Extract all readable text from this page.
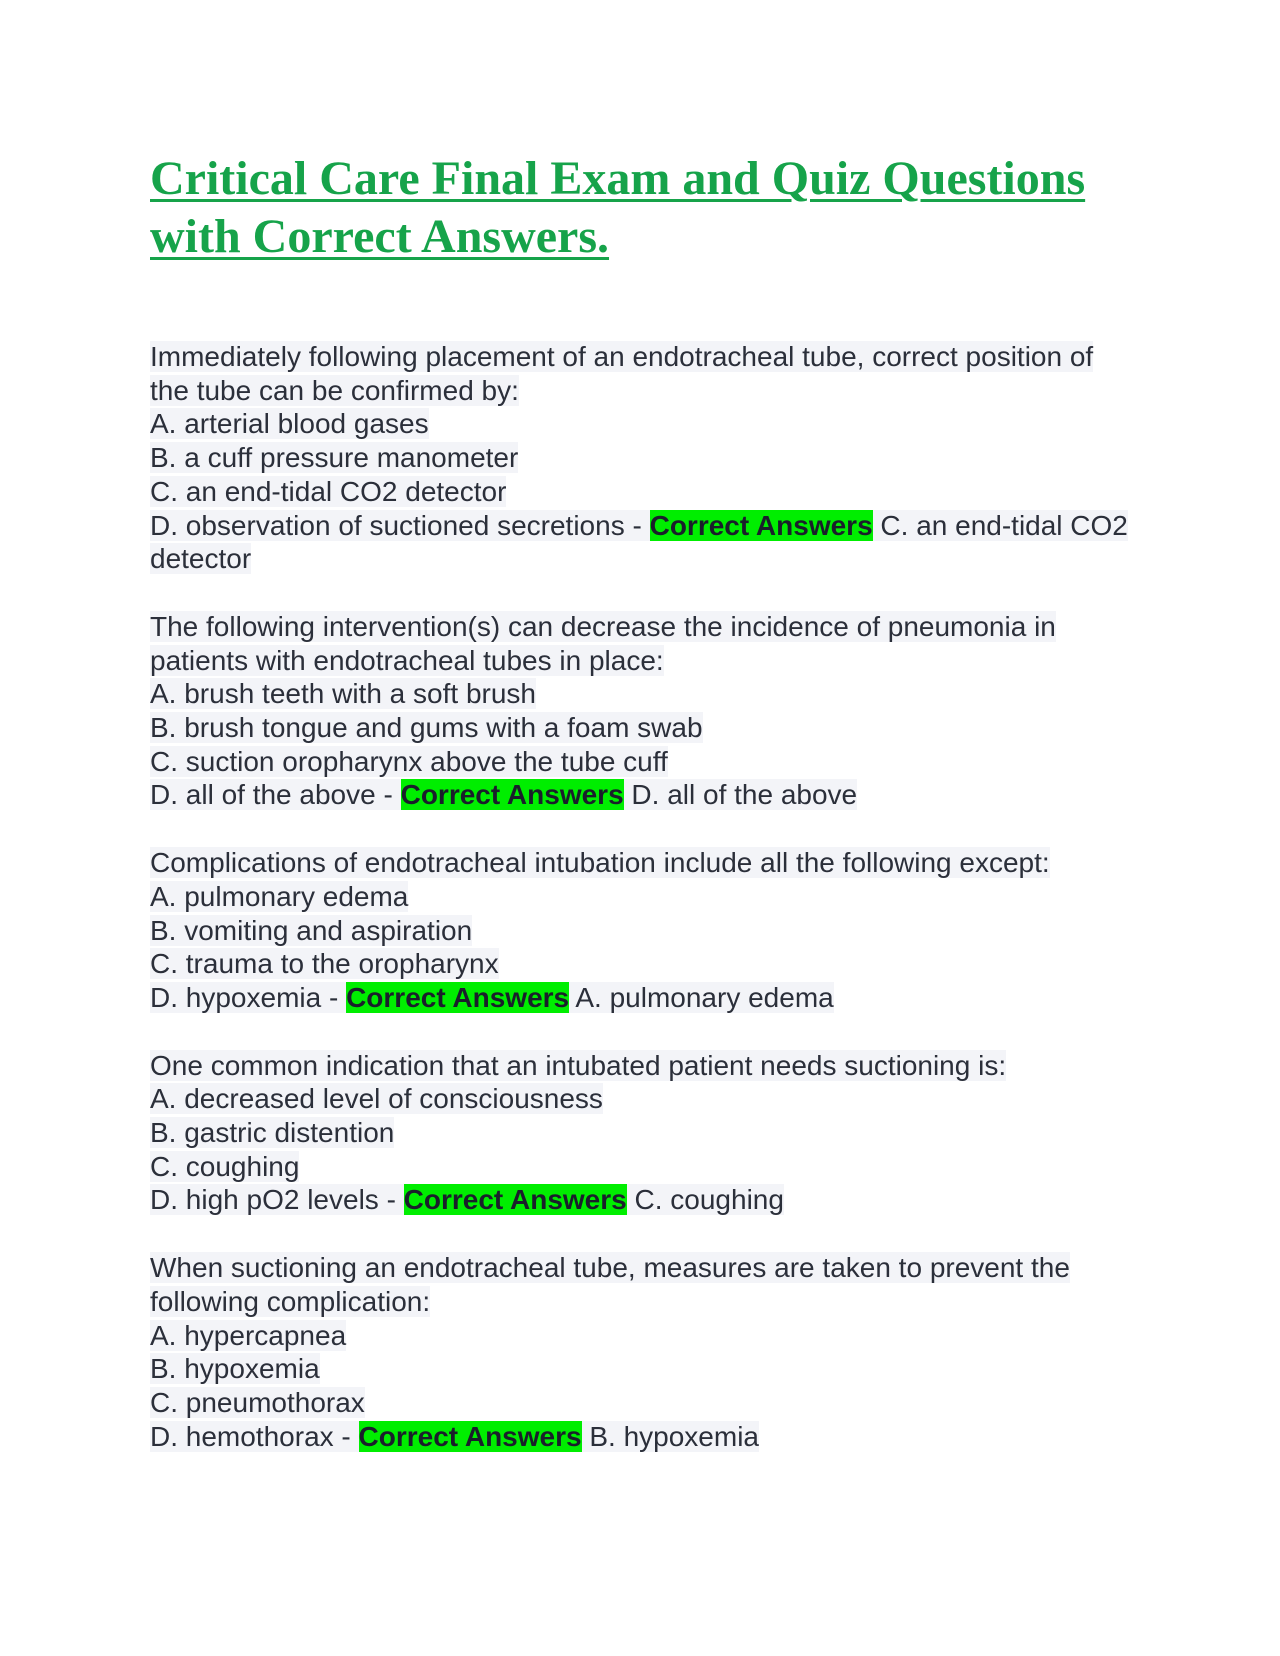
Critical Care Final Exam and Quiz Questions with Correct Answers.
Immediately following placement of an endotracheal tube, correct position of the tube can be confirmed by:
A. arterial blood gases
B. a cuff pressure manometer
C. an end-tidal CO2 detector
D. observation of suctioned secretions - Correct Answers C. an end-tidal CO2 detector
The following intervention(s) can decrease the incidence of pneumonia in patients with endotracheal tubes in place:
A. brush teeth with a soft brush
B. brush tongue and gums with a foam swab
C. suction oropharynx above the tube cuff
D. all of the above - Correct Answers D. all of the above
Complications of endotracheal intubation include all the following except:
A. pulmonary edema
B. vomiting and aspiration
C. trauma to the oropharynx
D. hypoxemia - Correct Answers A. pulmonary edema
One common indication that an intubated patient needs suctioning is:
A. decreased level of consciousness
B. gastric distention
C. coughing
D. high pO2 levels - Correct Answers C. coughing
When suctioning an endotracheal tube, measures are taken to prevent the following complication:
A. hypercapnea
B. hypoxemia
C. pneumothorax
D. hemothorax - Correct Answers B. hypoxemia
